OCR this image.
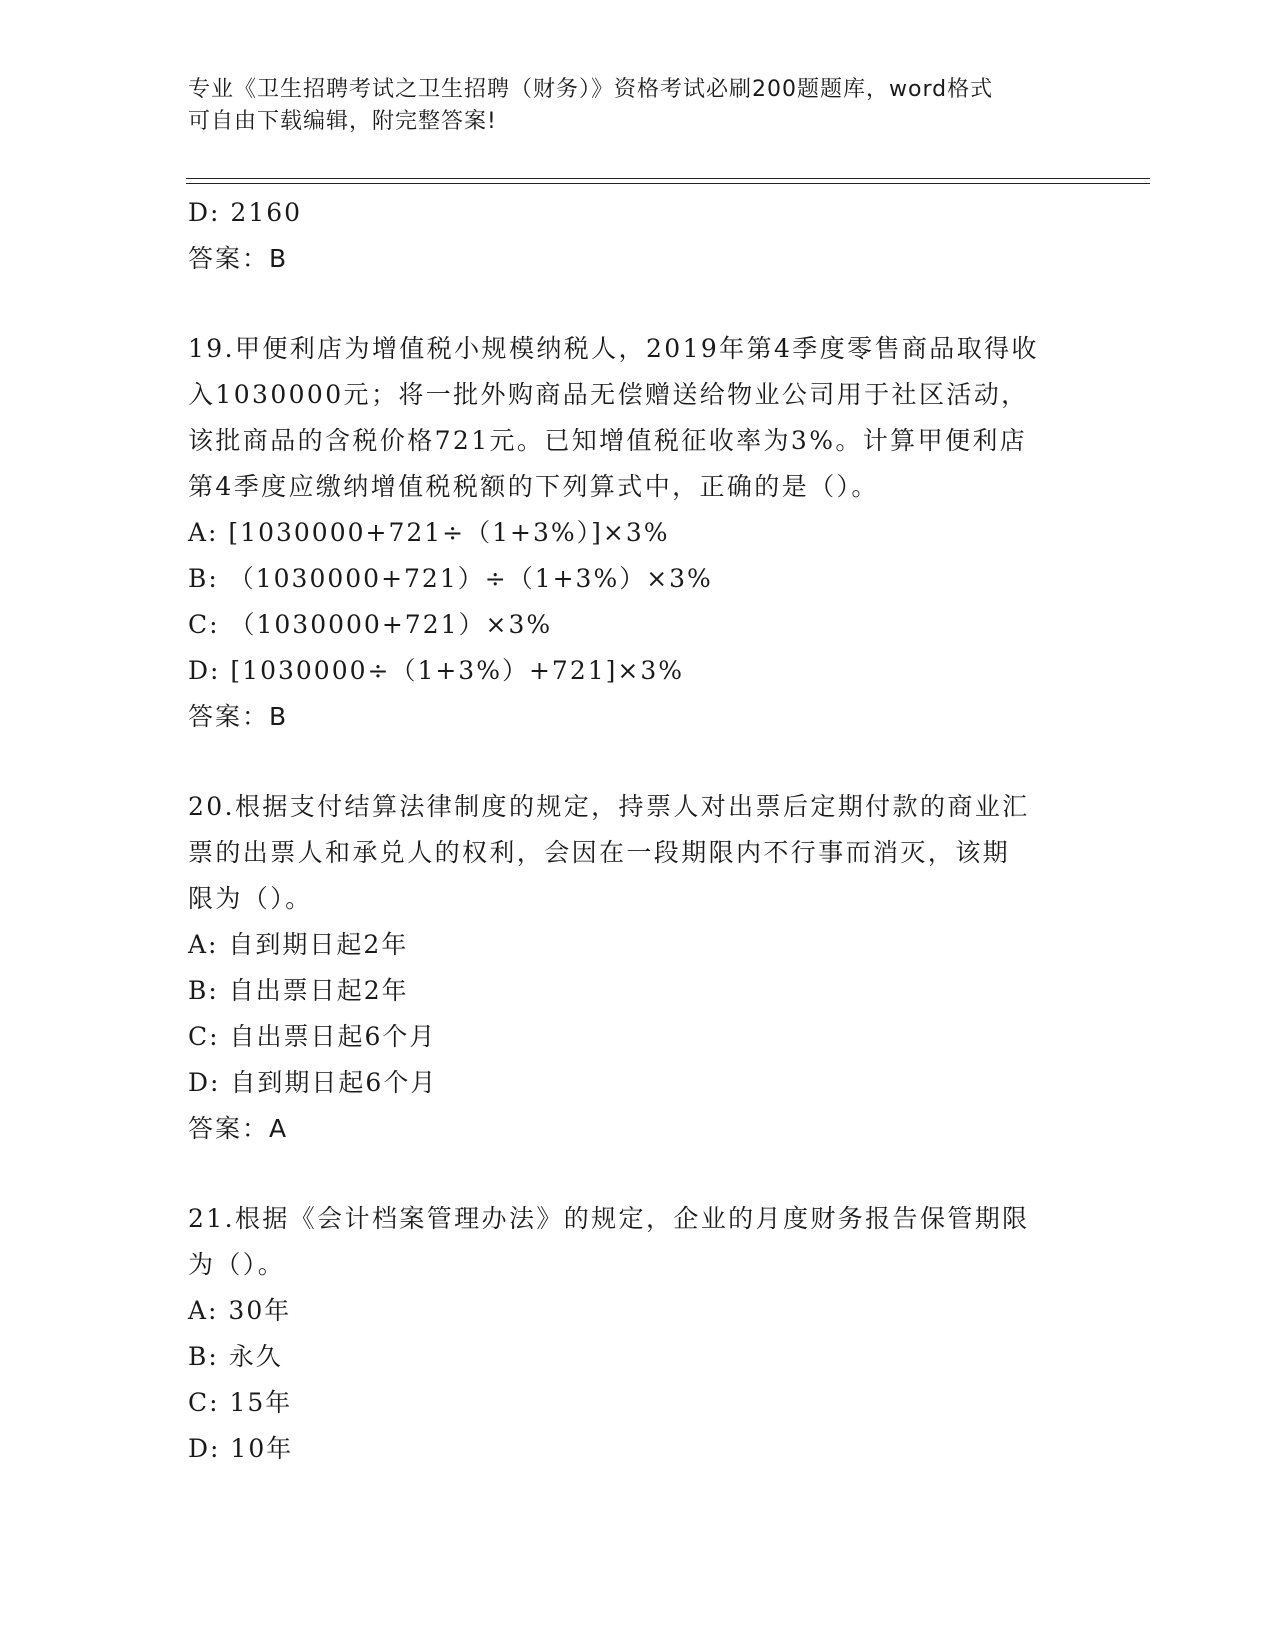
专业《卫生招聘考试之卫生招聘（财务）》资格考试必刷200题题库，word格式
可自由下载编辑，附完整答案!
D: 2160
答案：B
19.甲便利店为增值税小规模纳税人，2019年第4季度零售商品取得收
入1030000元；将一批外购商品无偿赠送给物业公司用于社区活动，
该批商品的含税价格721元。已知增值税征收率为3%。计算甲便利店
第4季度应缴纳增值税税额的下列算式中，正确的是（）。
A: [1030000+721÷（1+3%）]×3%
B: （1030000+721）÷（1+3%）×3%
C: （1030000+721）×3%
D: [1030000÷（1+3%）+721]×3%
答案：B
20.根据支付结算法律制度的规定，持票人对出票后定期付款的商业汇
票的出票人和承兑人的权利，会因在一段期限内不行事而消灭，该期
限为（）。
A: 自到期日起2年
B: 自出票日起2年
C: 自出票日起6个月
D: 自到期日起6个月
答案：A
21.根据《会计档案管理办法》的规定，企业的月度财务报告保管期限
为（）。
A: 30年
B: 永久
C: 15年
D: 10年
